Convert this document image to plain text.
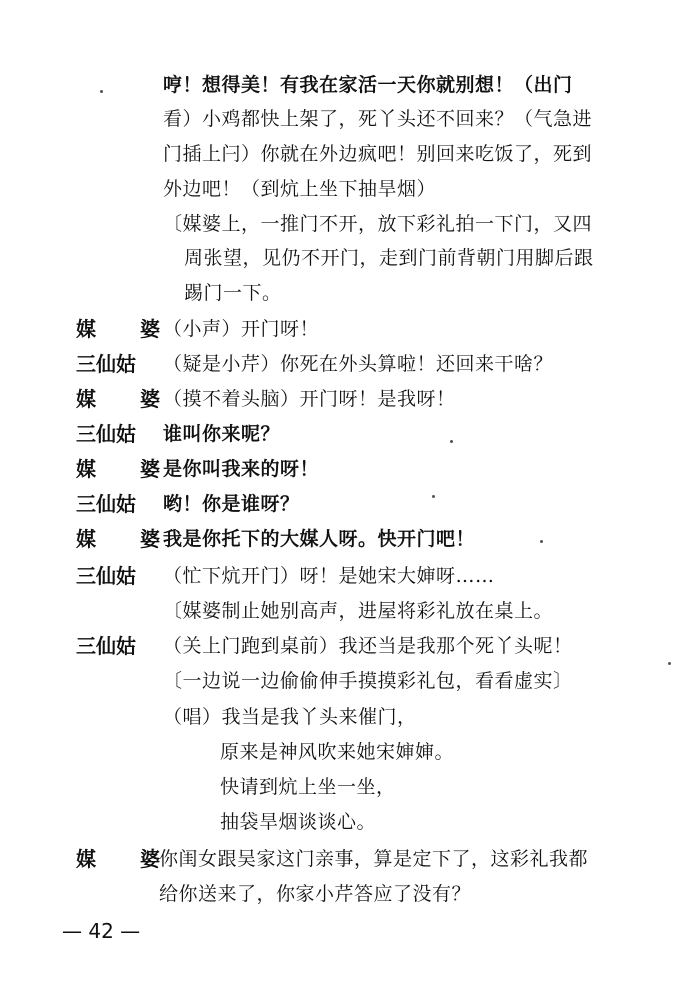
哼！想得美！有我在家活一天你就别想！（出门
看）小鸡都快上架了，死丫头还不回来？（气急进
门插上闩）你就在外边疯吧！别回来吃饭了，死到
外边吧！（到炕上坐下抽旱烟）
〔媒婆上，一推门不开，放下彩礼拍一下门，又四
周张望，见仍不开门，走到门前背朝门用脚后跟
踢门一下。
媒　婆
（小声）开门呀！
三仙姑 （疑是小芹）你死在外头算啦！还回来干啥？
媒　婆
（摸不着头脑）开门呀！是我呀！
三仙姑 谁叫你来呢？
媒　婆
是你叫我来的呀！
三仙姑 哟！你是谁呀？
媒　婆
我是你托下的大媒人呀。快开门吧！
三仙姑 （忙下炕开门）呀！是她宋大婶呀……
〔媒婆制止她别高声，进屋将彩礼放在桌上。
三仙姑 （关上门跑到桌前）我还当是我那个死丫头呢！
〔一边说一边偷偷伸手摸摸彩礼包，看看虚实〕
（唱）我当是我丫头来催门，
原来是神风吹来她宋婶婶。
快请到炕上坐一坐，
抽袋旱烟谈谈心。
媒　婆
你闺女跟吴家这门亲事，算是定下了，这彩礼我都
给你送来了，你家小芹答应了没有？
— 42 —
